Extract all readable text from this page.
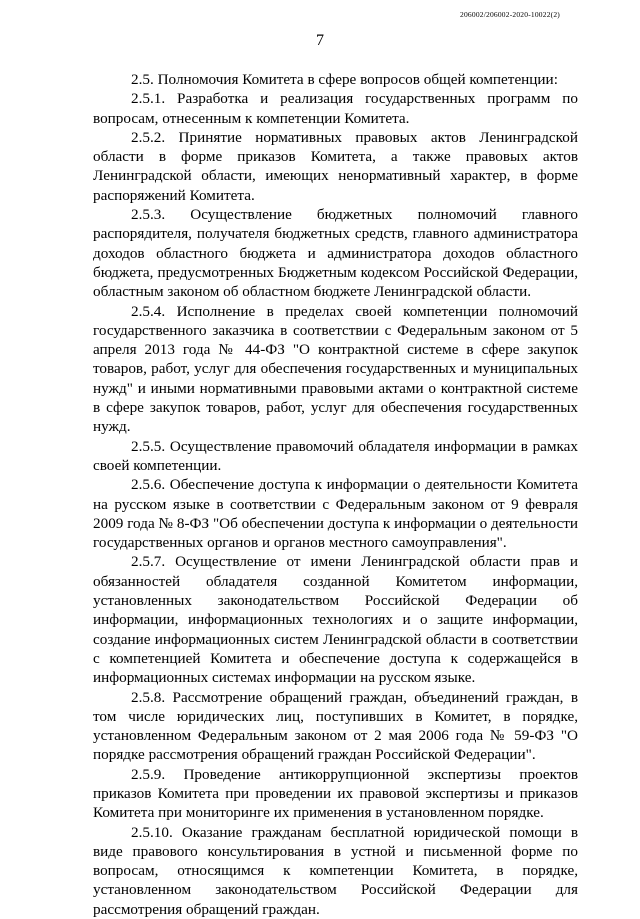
206002/206002-2020-10022(2)
7

2.5. Полномочия Комитета в сфере вопросов общей компетенции:

2.5.1. Разработка и реализация государственных программ по вопросам, отнесенным к компетенции Комитета.

2.5.2. Принятие нормативных правовых актов Ленинградской области в форме приказов Комитета, а также правовых актов Ленинградской области, имеющих ненормативный характер, в форме распоряжений Комитета.

2.5.3. Осуществление бюджетных полномочий главного распорядителя, получателя бюджетных средств, главного администратора доходов областного бюджета и администратора доходов областного бюджета, предусмотренных Бюджетным кодексом Российской Федерации, областным законом об областном бюджете Ленинградской области.

2.5.4. Исполнение в пределах своей компетенции полномочий государственного заказчика в соответствии с Федеральным законом от 5 апреля 2013 года № 44-ФЗ "О контрактной системе в сфере закупок товаров, работ, услуг для обеспечения государственных и муниципальных нужд" и иными нормативными правовыми актами о контрактной системе в сфере закупок товаров, работ, услуг для обеспечения государственных нужд.

2.5.5. Осуществление правомочий обладателя информации в рамках своей компетенции.

2.5.6. Обеспечение доступа к информации о деятельности Комитета на русском языке в соответствии с Федеральным законом от 9 февраля 2009 года № 8-ФЗ "Об обеспечении доступа к информации о деятельности государственных органов и органов местного самоуправления".

2.5.7. Осуществление от имени Ленинградской области прав и обязанностей обладателя созданной Комитетом информации, установленных законодательством Российской Федерации об информации, информационных технологиях и о защите информации, создание информационных систем Ленинградской области в соответствии с компетенцией Комитета и обеспечение доступа к содержащейся в информационных системах информации на русском языке.

2.5.8. Рассмотрение обращений граждан, объединений граждан, в том числе юридических лиц, поступивших в Комитет, в порядке, установленном Федеральным законом от 2 мая 2006 года № 59-ФЗ "О порядке рассмотрения обращений граждан Российской Федерации".

2.5.9. Проведение антикоррупционной экспертизы проектов приказов Комитета при проведении их правовой экспертизы и приказов Комитета при мониторинге их применения в установленном порядке.

2.5.10. Оказание гражданам бесплатной юридической помощи в виде правового консультирования в устной и письменной форме по вопросам, относящимся к компетенции Комитета, в порядке, установленном законодательством Российской Федерации для рассмотрения обращений граждан.
